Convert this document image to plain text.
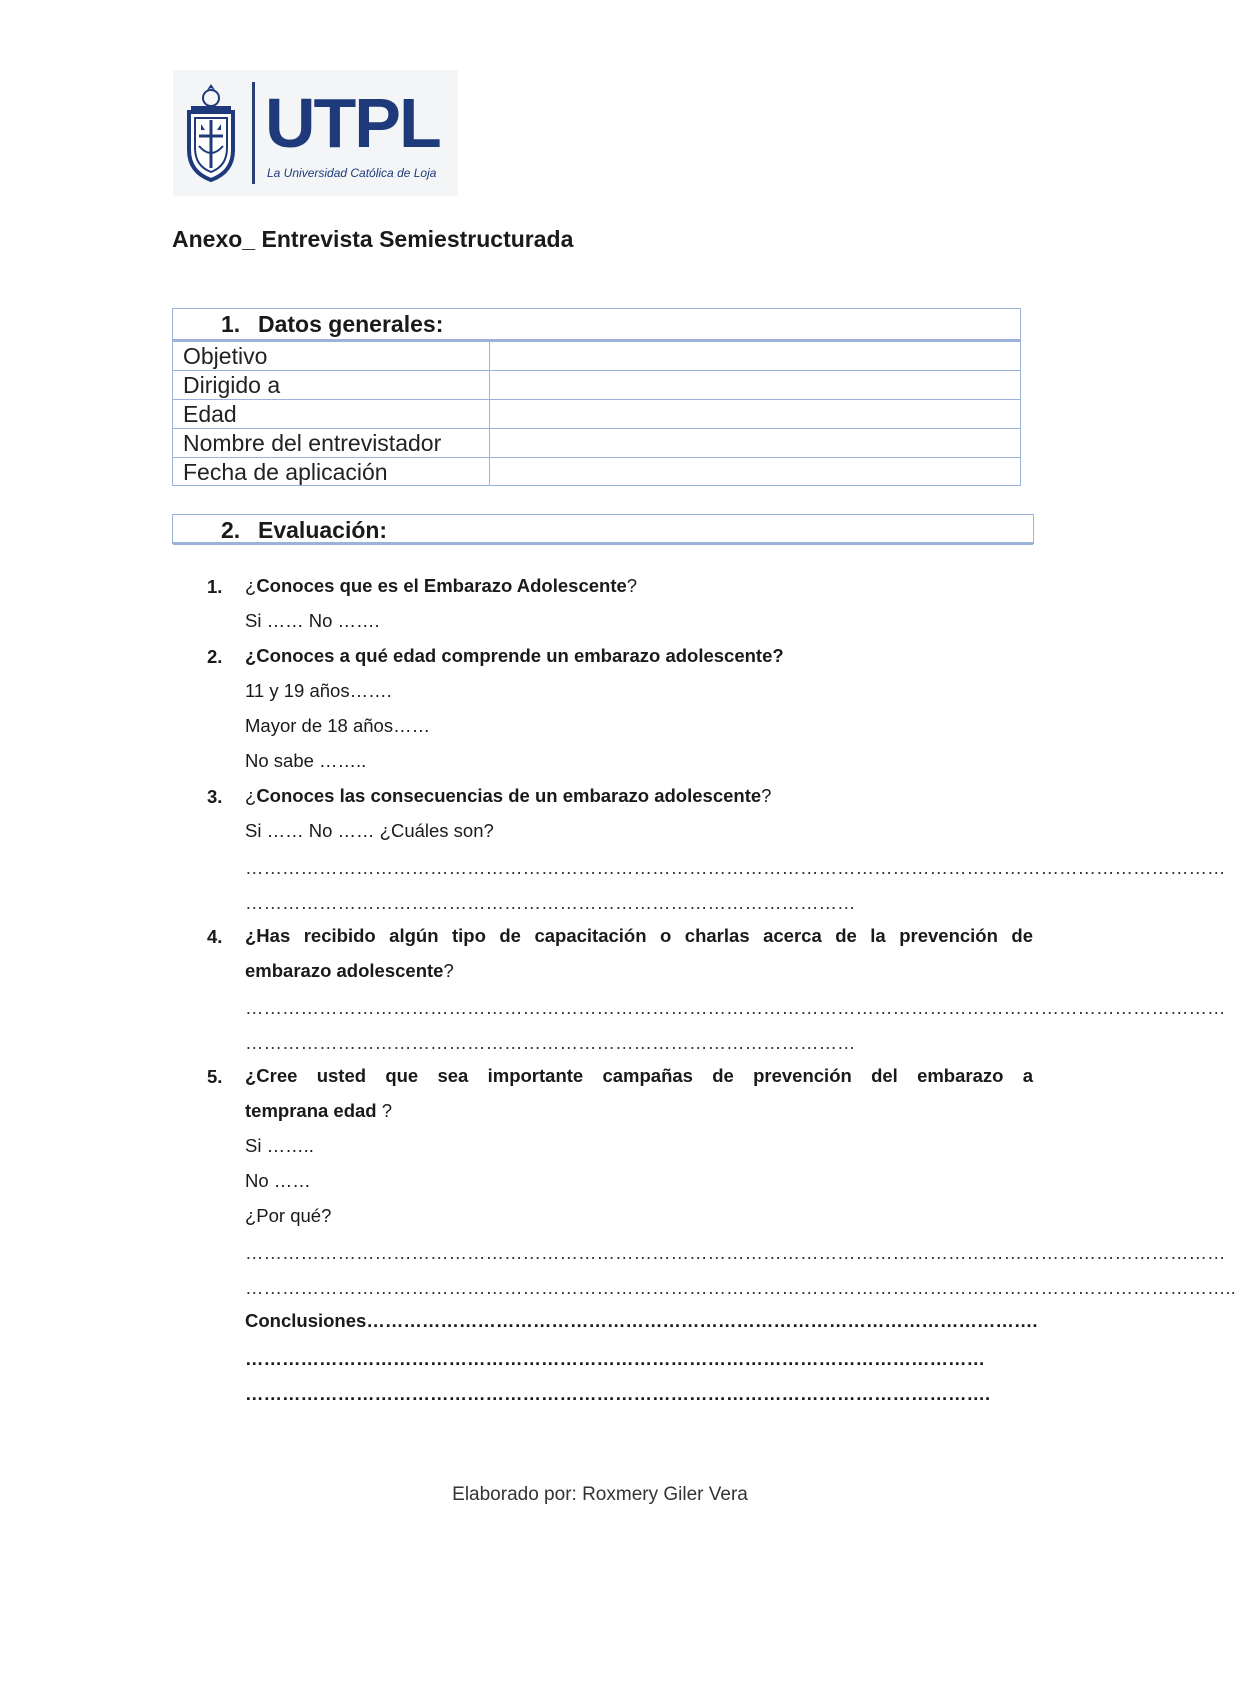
UTPL
La Universidad Católica de Loja
Anexo_ Entrevista Semiestructurada
1. Datos generales:
Objetivo
Dirigido a
Edad
Nombre del entrevistador
Fecha de aplicación
2. Evaluación:
1. ¿Conoces que es el Embarazo Adolescente?
Si …… No …….
2. ¿Conoces a qué edad comprende un embarazo adolescente?
11 y 19 años…….
Mayor de 18 años……
No sabe ……..
3. ¿Conoces las consecuencias de un embarazo adolescente?
Si …… No …… ¿Cuáles son?
……………………………………………………………………………………………………………………………………………
………………………………………………………………………………………
4. ¿Has recibido algún tipo de capacitación o charlas acerca de la prevención de
embarazo adolescente?
……………………………………………………………………………………………………………………………………………
………………………………………………………………………………………
5. ¿Cree usted que sea importante campañas de prevención del embarazo a
temprana edad ?
Si ……..
No ……
¿Por qué?
……………………………………………………………………………………………………………………………………………
……………………………………………………………………………………………………………………………………………..
Conclusiones……………………………………………………………………………………………….
…………………………………………………………………………………………………………
………………………………………………………………………………………………………….
Elaborado por: Roxmery Giler Vera
